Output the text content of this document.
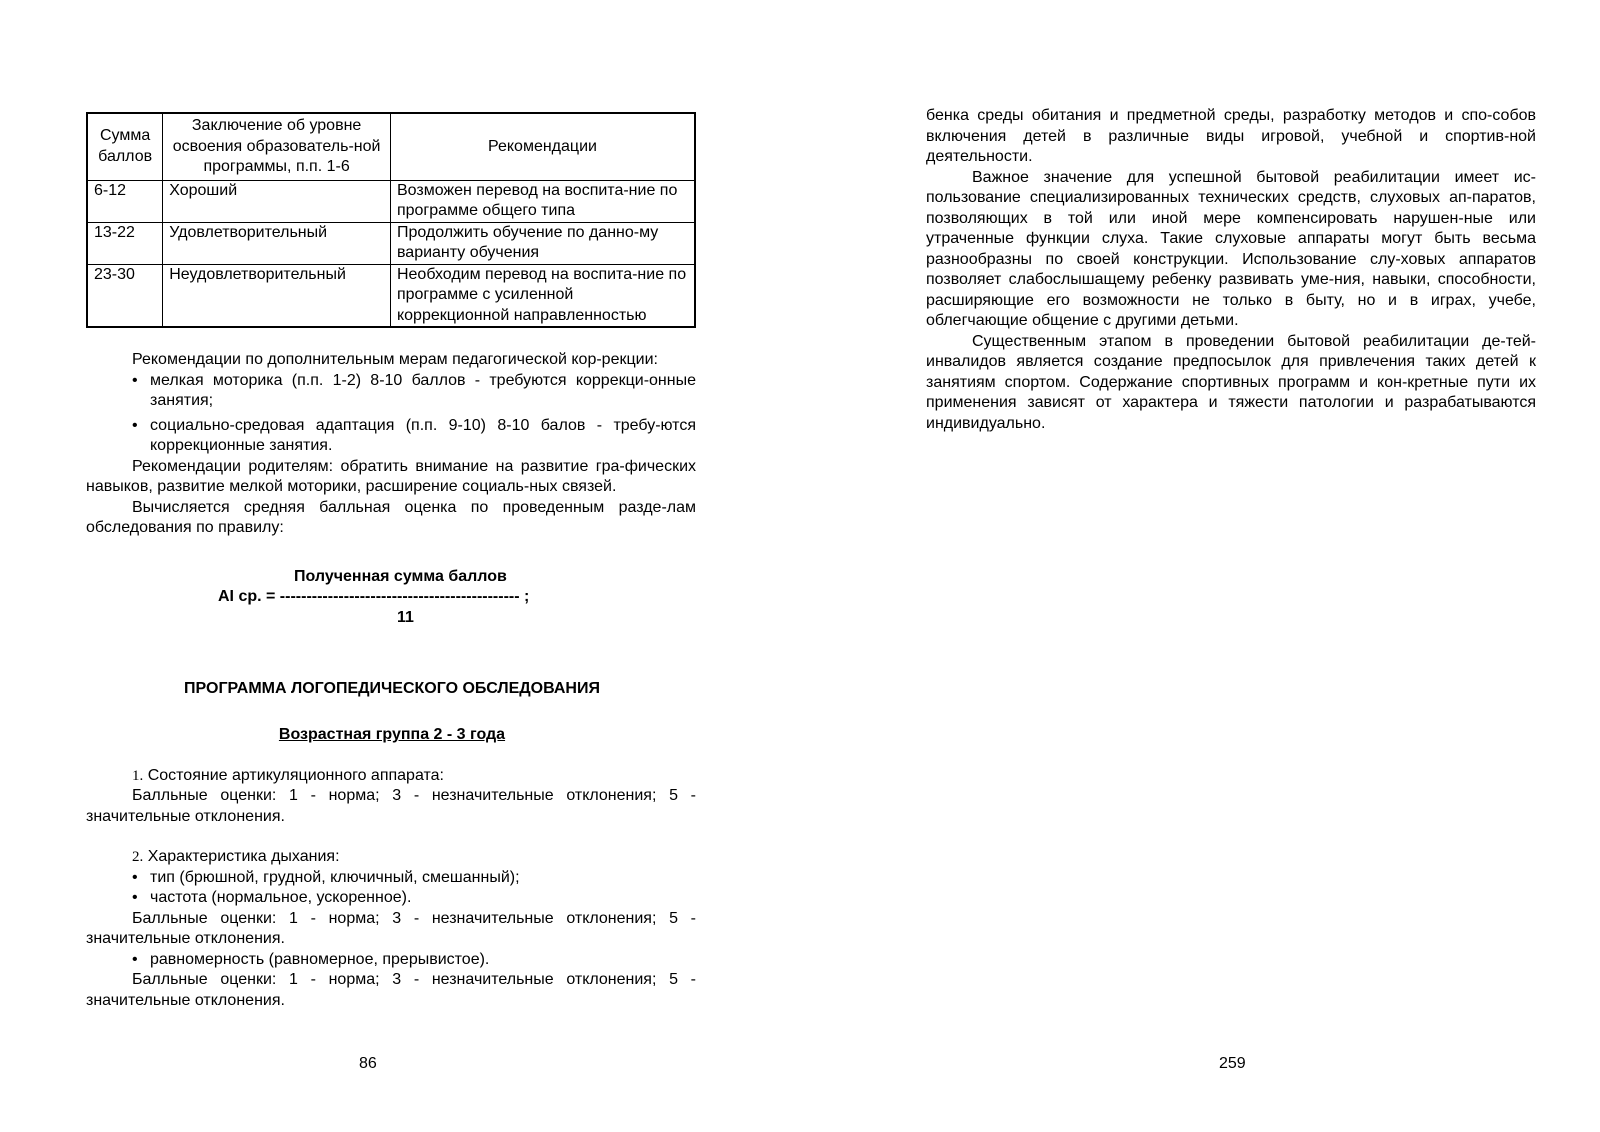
Сумма баллов	Заключение об уровне освоения образователь-ной программы, п.п. 1-6	Рекомендации
6-12	Хороший	Возможен перевод на воспита-ние по программе общего типа
13-22	Удовлетворительный	Продолжить обучение по данно-му варианту обучения
23-30	Неудовлетворительный	Необходим перевод на воспита-ние по программе с усиленной коррекционной направленностью

Рекомендации по дополнительным мерам педагогической кор-рекции:

• мелкая моторика (п.п. 1-2) 8-10 баллов - требуются коррекци-онные занятия;
• социально-средовая адаптация (п.п. 9-10) 8-10 балов - требу-ются коррекционные занятия.

Рекомендации родителям: обратить внимание на развитие гра-фических навыков, развитие мелкой моторики, расширение социаль-ных связей.

Вычисляется средняя балльная оценка по проведенным разде-лам обследования по правилу:

Полученная сумма баллов
AI ср. = --------------------------------------------- ;
11
ПРОГРАММА ЛОГОПЕДИЧЕСКОГО ОБСЛЕДОВАНИЯ
Возрастная группа 2 - 3 года
1. Состояние артикуляционного аппарата:

Балльные оценки: 1 - норма; 3 - незначительные отклонения; 5 - значительные отклонения.

2. Характеристика дыхания:
• тип (брюшной, грудной, ключичный, смешанный);
• частота (нормальное, ускоренное).

Балльные оценки: 1 - норма; 3 - незначительные отклонения; 5 - значительные отклонения.

• равномерность (равномерное, прерывистое).

Балльные оценки: 1 - норма; 3 - незначительные отклонения; 5 - значительные отклонения.

бенка среды обитания и предметной среды, разработку методов и спо-собов включения детей в различные виды игровой, учебной и спортив-ной деятельности.

Важное значение для успешной бытовой реабилитации имеет ис-пользование специализированных технических средств, слуховых ап-паратов, позволяющих в той или иной мере компенсировать нарушен-ные или утраченные функции слуха. Такие слуховые аппараты могут быть весьма разнообразны по своей конструкции. Использование слу-ховых аппаратов позволяет слабослышащему ребенку развивать уме-ния, навыки, способности, расширяющие его возможности не только в быту, но и в играх, учебе, облегчающие общение с другими детьми.

Существенным этапом в проведении бытовой реабилитации де-тей-инвалидов является создание предпосылок для привлечения таких детей к занятиям спортом. Содержание спортивных программ и кон-кретные пути их применения зависят от характера и тяжести патологии и разрабатываются индивидуально.

86	259
